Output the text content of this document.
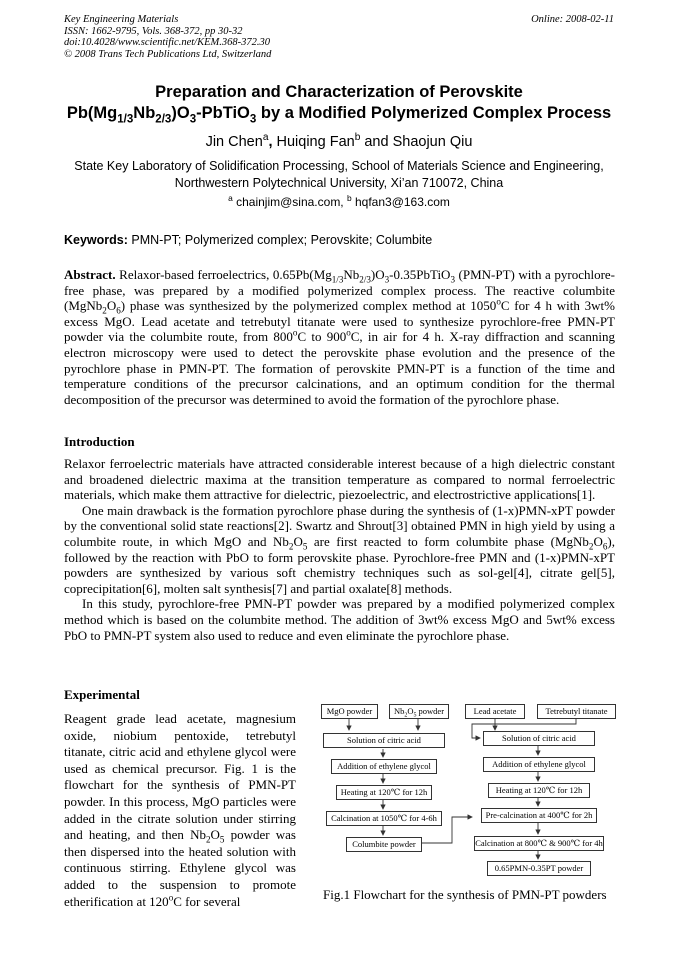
Key Engineering Materials
ISSN: 1662-9795, Vols. 368-372, pp 30-32
doi:10.4028/www.scientific.net/KEM.368-372.30
© 2008 Trans Tech Publications Ltd, Switzerland
Online: 2008-02-11
Preparation and Characterization of Perovskite
$Pb(Mg_{1/3}Nb_{2/3})O_3-PbTiO_3$ by a Modified Polymerized Complex Process
Jin Chen$^a$, Huiqing Fan$^b$ and Shaojun Qiu
State Key Laboratory of Solidification Processing, School of Materials Science and Engineering,
Northwestern Polytechnical University, Xi’an 710072, China
$^a$ chainjim@sina.com, $^b$ hqfan3@163.com
Keywords: PMN-PT; Polymerized complex; Perovskite; Columbite
Abstract. Relaxor-based ferroelectrics, $0.65Pb(Mg_{1/3}Nb_{2/3})O_3-0.35PbTiO_3$ (PMN-PT) with a pyrochlore-free phase, was prepared by a modified polymerized complex process. The reactive columbite $(MgNb_2O_6)$ phase was synthesized by the polymerized complex method at 1050$^o$C for 4 h with 3wt% excess MgO. Lead acetate and tetrebutyl titanate were used to synthesize pyrochlore-free PMN-PT powder via the columbite route, from 800$^o$C to 900$^o$C, in air for 4 h. X-ray diffraction and scanning electron microscopy were used to detect the perovskite phase evolution and the presence of the pyrochlore phase in PMN-PT. The formation of perovskite PMN-PT is a function of the time and temperature conditions of the precursor calcinations, and an optimum condition for the thermal decomposition of the precursor was determined to avoid the formation of the pyrochlore phase.
Introduction
Relaxor ferroelectric materials have attracted considerable interest because of a high dielectric constant and broadened dielectric maxima at the transition temperature as compared to normal ferroelectric materials, which make them attractive for dielectric, piezoelectric, and electrostrictive applications[1].
One main drawback is the formation pyrochlore phase during the synthesis of (1-x)PMN-xPT powder by the conventional solid state reactions[2]. Swartz and Shrout[3] obtained PMN in high yield by using a columbite route, in which MgO and $Nb_2O_5$ are first reacted to form columbite phase $(MgNb_2O_6)$, followed by the reaction with PbO to form perovskite phase. Pyrochlore-free PMN and (1-x)PMN-xPT powders are synthesized by various soft chemistry techniques such as sol-gel[4], citrate gel[5], coprecipitation[6], molten salt synthesis[7] and partial oxalate[8] methods.
In this study, pyrochlore-free PMN-PT powder was prepared by a modified polymerized complex method which is based on the columbite method. The addition of 3wt% excess MgO and 5wt% excess PbO to PMN-PT system also used to reduce and even eliminate the pyrochlore phase.
Experimental
Reagent grade lead acetate, magnesium oxide, niobium pentoxide, tetrebutyl titanate, citric acid and ethylene glycol were used as chemical precursor. Fig. 1 is the flowchart for the synthesis of PMN-PT powder. In this process, MgO particles were added in the citrate solution under stirring and heating, and then $Nb_2O_5$ powder was then dispersed into the heated solution with continuous stirring. Ethylene glycol was added to the suspension to promote etherification at 120$^o$C for several
MgO powder	$Nb_2O_5$ powder	Lead acetate	Tetrebutyl titanate
Solution of citric acid	Solution of citric acid
Addition of ethylene glycol	Addition of ethylene glycol
Heating at 120℃ for 12h	Heating at 120℃ for 12h
Calcination at 1050℃ for 4-6h	Pre-calcination at 400℃ for 2h
Columbite powder	Calcination at 800℃ & 900℃ for 4h
0.65PMN-0.35PT powder
Fig.1 Flowchart for the synthesis of PMN-PT powders
